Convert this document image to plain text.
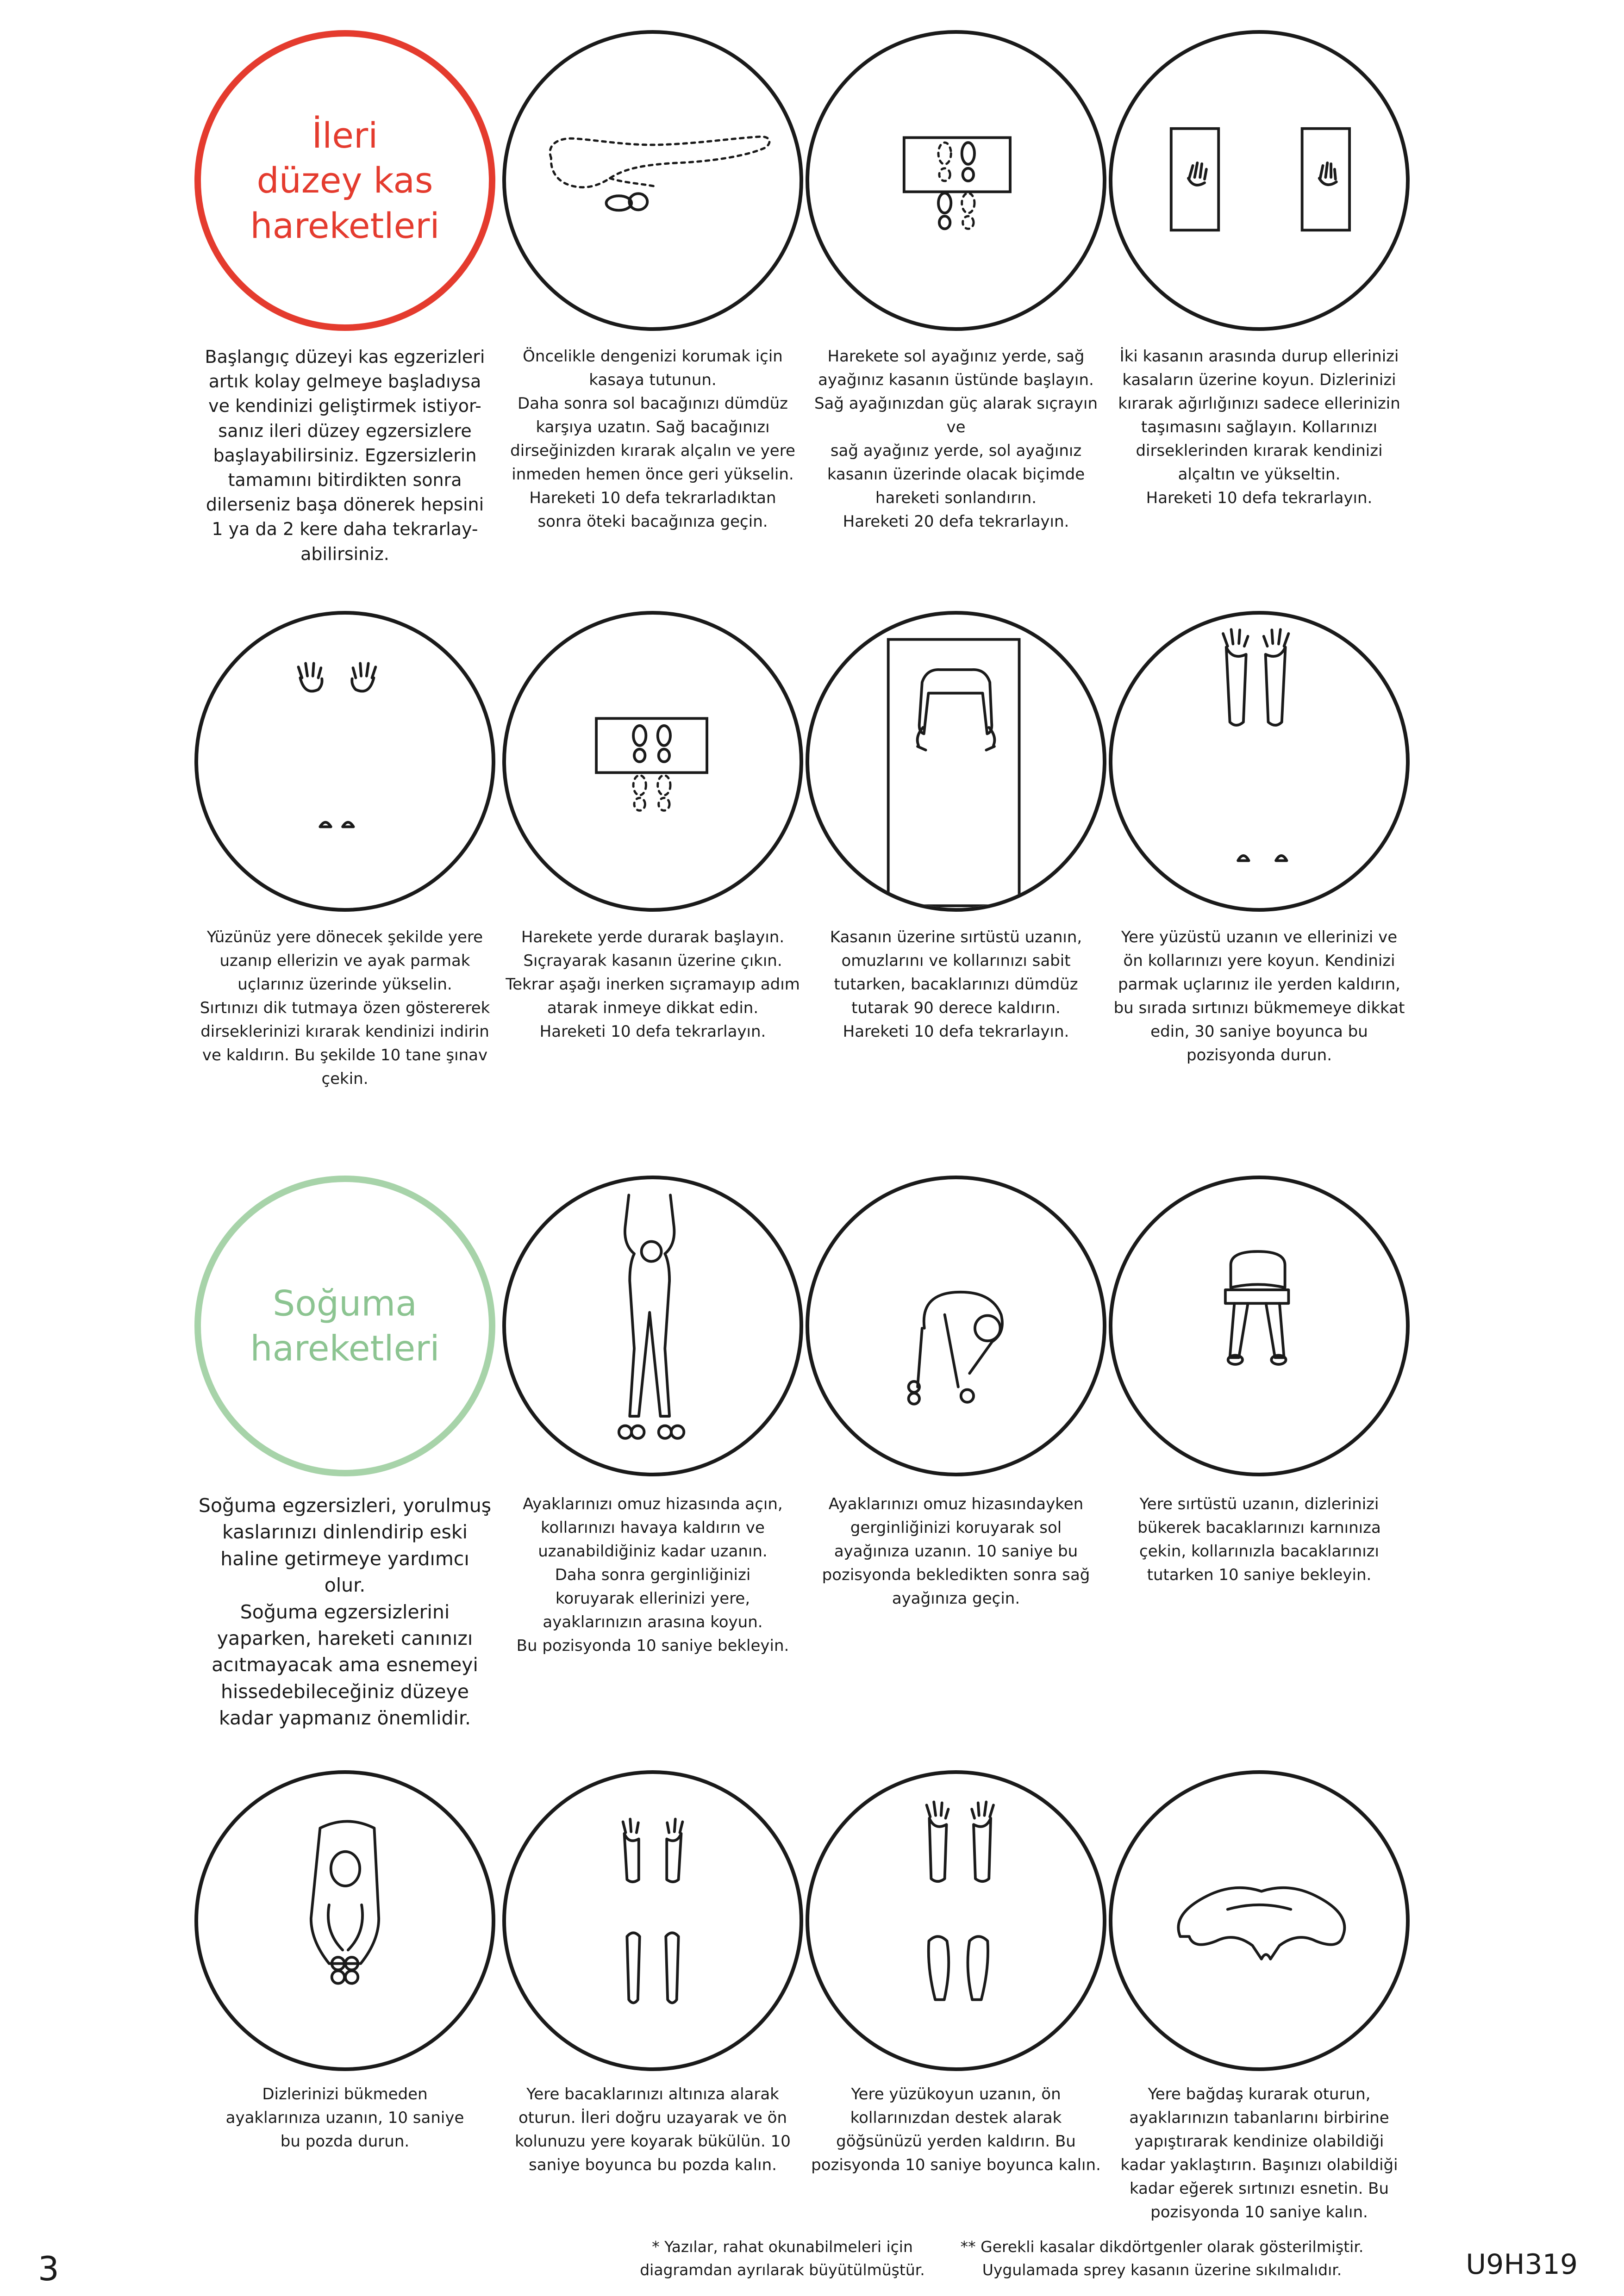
İleri
düzey kas
hareketleri
Başlangıç düzeyi kas egzerizleri
artık kolay gelmeye başladıysa
ve kendinizi geliştirmek istiyor-
sanız ileri düzey egzersizlere
başlayabilirsiniz. Egzersizlerin
tamamını bitirdikten sonra
dilerseniz başa dönerek hepsini
1 ya da 2 kere daha tekrarlay-
abilirsiniz.
Öncelikle dengenizi korumak için
kasaya tutunun.
Daha sonra sol bacağınızı dümdüz
karşıya uzatın. Sağ bacağınızı
dirseğinizden kırarak alçalın ve yere
inmeden hemen önce geri yükselin.
Hareketi 10 defa tekrarladıktan
sonra öteki bacağınıza geçin.
Harekete sol ayağınız yerde, sağ
ayağınız kasanın üstünde başlayın.
Sağ ayağınızdan güç alarak sıçrayın ve
sağ ayağınız yerde, sol ayağınız
kasanın üzerinde olacak biçimde
hareketi sonlandırın.
Hareketi 20 defa tekrarlayın.
İki kasanın arasında durup ellerinizi
kasaların üzerine koyun. Dizlerinizi
kırarak ağırlığınızı sadece ellerinizin
taşımasını sağlayın. Kollarınızı
dirseklerinden kırarak kendinizi
alçaltın ve yükseltin.
Hareketi 10 defa tekrarlayın.
Yüzünüz yere dönecek şekilde yere
uzanıp ellerizin ve ayak parmak
uçlarınız üzerinde yükselin.
Sırtınızı dik tutmaya özen göstererek
dirseklerinizi kırarak kendinizi indirin
ve kaldırın. Bu şekilde 10 tane şınav
çekin.
Harekete yerde durarak başlayın.
Sıçrayarak kasanın üzerine çıkın.
Tekrar aşağı inerken sıçramayıp adım
atarak inmeye dikkat edin.
Hareketi 10 defa tekrarlayın.
Kasanın üzerine sırtüstü uzanın,
omuzlarını ve kollarınızı sabit
tutarken, bacaklarınızı dümdüz
tutarak 90 derece kaldırın.
Hareketi 10 defa tekrarlayın.
Yere yüzüstü uzanın ve ellerinizi ve
ön kollarınızı yere koyun. Kendinizi
parmak uçlarınız ile yerden kaldırın,
bu sırada sırtınızı bükmemeye dikkat
edin, 30 saniye boyunca bu
pozisyonda durun.
Soğuma
hareketleri
Soğuma egzersizleri, yorulmuş
kaslarınızı dinlendirip eski
haline getirmeye yardımcı
olur.
Soğuma egzersizlerini
yaparken, hareketi canınızı
acıtmayacak ama esnemeyi
hissedebileceğiniz düzeye
kadar yapmanız önemlidir.
Ayaklarınızı omuz hizasında açın,
kollarınızı havaya kaldırın ve
uzanabildiğiniz kadar uzanın.
Daha sonra gerginliğinizi
koruyarak ellerinizi yere,
ayaklarınızın arasına koyun.
Bu pozisyonda 10 saniye bekleyin.
Ayaklarınızı omuz hizasındayken
gerginliğinizi koruyarak sol
ayağınıza uzanın. 10 saniye bu
pozisyonda bekledikten sonra sağ
ayağınıza geçin.
Yere sırtüstü uzanın, dizlerinizi
bükerek bacaklarınızı karnınıza
çekin, kollarınızla bacaklarınızı
tutarken 10 saniye bekleyin.
Dizlerinizi bükmeden
ayaklarınıza uzanın, 10 saniye
bu pozda durun.
Yere bacaklarınızı altınıza alarak
oturun. İleri doğru uzayarak ve ön
kolunuzu yere koyarak bükülün. 10
saniye boyunca bu pozda kalın.
Yere yüzükoyun uzanın, ön
kollarınızdan destek alarak
göğsünüzü yerden kaldırın. Bu
pozisyonda 10 saniye boyunca kalın.
Yere bağdaş kurarak oturun,
ayaklarınızın tabanlarını birbirine
yapıştırarak kendinize olabildiği
kadar yaklaştırın. Başınızı olabildiği
kadar eğerek sırtınızı esnetin. Bu
pozisyonda 10 saniye kalın.
* Yazılar, rahat okunabilmeleri için
diagramdan ayrılarak büyütülmüştür.
** Gerekli kasalar dikdörtgenler olarak gösterilmiştir.
Uygulamada sprey kasanın üzerine sıkılmalıdır.
3	U9H319
